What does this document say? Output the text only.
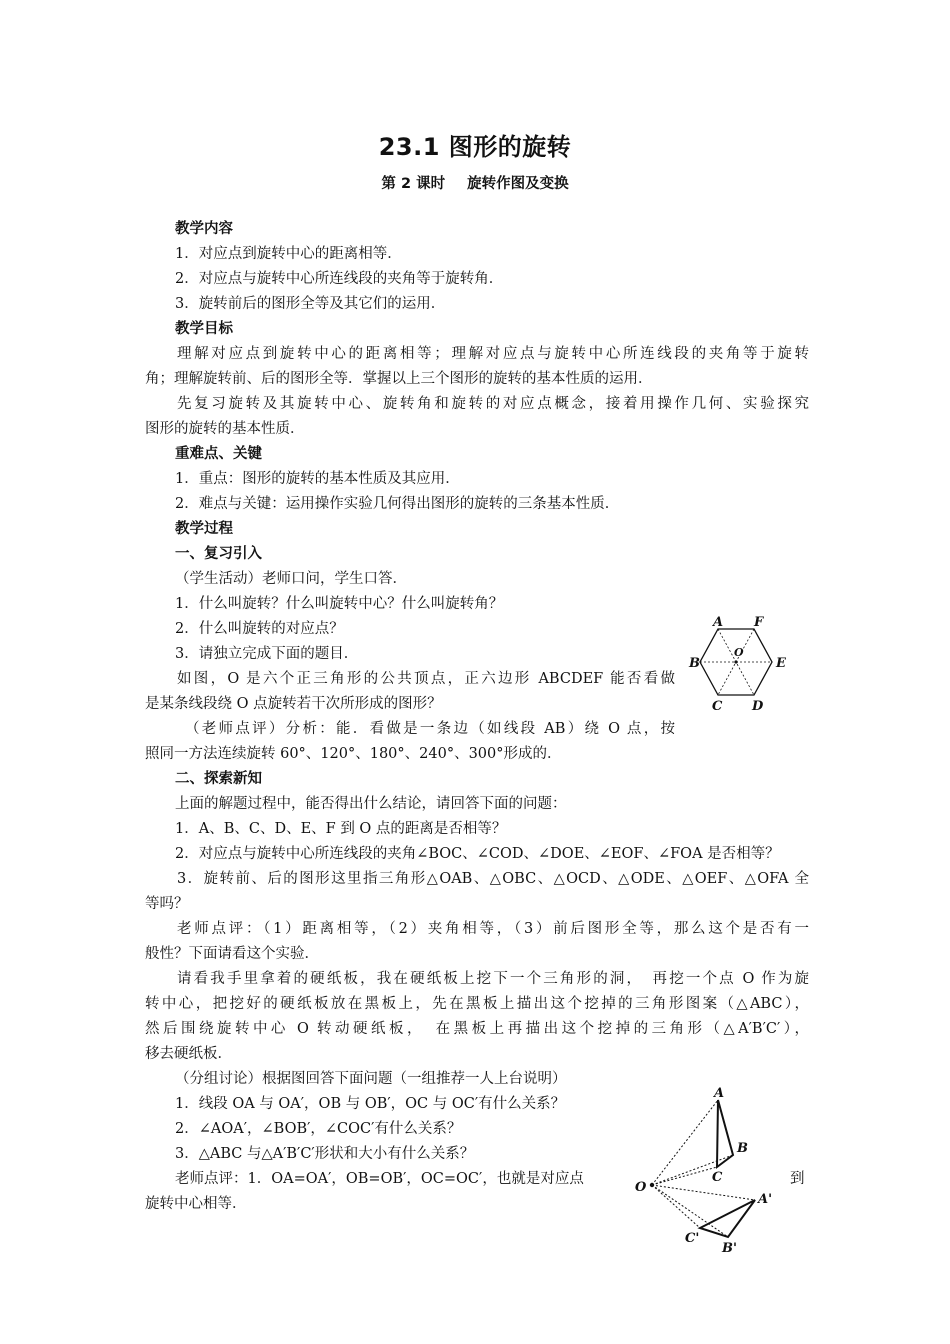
23.1 图形的旋转
第 2 课时 旋转作图及变换
教学内容
1．对应点到旋转中心的距离相等．
2．对应点与旋转中心所连线段的夹角等于旋转角．
3．旋转前后的图形全等及其它们的运用．
教学目标
理解对应点到旋转中心的距离相等；理解对应点与旋转中心所连线段的夹角等于旋转
角；理解旋转前、后的图形全等．掌握以上三个图形的旋转的基本性质的运用．
先复习旋转及其旋转中心、旋转角和旋转的对应点概念，接着用操作几何、实验探究
图形的旋转的基本性质．
重难点、关键
1．重点：图形的旋转的基本性质及其应用．
2．难点与关键：运用操作实验几何得出图形的旋转的三条基本性质．
教学过程
一、复习引入
（学生活动）老师口问，学生口答．
1．什么叫旋转？什么叫旋转中心？什么叫旋转角？
2．什么叫旋转的对应点？
3．请独立完成下面的题目．
如图，O 是六个正三角形的公共顶点，正六边形 ABCDEF 能否看做
是某条线段绕 O 点旋转若干次所形成的图形？
（老师点评）分析：能．看做是一条边（如线段 AB）绕 O 点，按
照同一方法连续旋转 60°、120°、180°、240°、300°形成的．
A F
B	E
O
C D
二、探索新知
上面的解题过程中，能否得出什么结论，请回答下面的问题：
1．A、B、C、D、E、F 到 O 点的距离是否相等？
2．对应点与旋转中心所连线段的夹角∠BOC、∠COD、∠DOE、∠EOF、∠FOA 是否相等？
3．旋转前、后的图形这里指三角形△OAB、△OBC、△OCD、△ODE、△OEF、△OFA 全
等吗？
老师点评：（1）距离相等，（2）夹角相等，（3）前后图形全等，那么这个是否有一
般性？下面请看这个实验．
请看我手里拿着的硬纸板，我在硬纸板上挖下一个三角形的洞，　再挖一个点 O 作为旋
转中心，把挖好的硬纸板放在黑板上，先在黑板上描出这个挖掉的三角形图案（△ABC），
然后围绕旋转中心 O 转动硬纸板，　在黑板上再描出这个挖掉的三角形（△A′B′C′），
移去硬纸板．
（分组讨论）根据图回答下面问题（一组推荐一人上台说明）
1．线段 OA 与 OA′，OB 与 OB′，OC 与 OC′有什么关系？
2．∠AOA′，∠BOB′，∠COC′有什么关系？
3．△ABC 与△A′B′C′形状和大小有什么关系？
老师点评：1．OA=OA′，OB=OB′，OC=OC′，也就是对应点	到
旋转中心相等．
A
B
C
O
A'
B'
C'
